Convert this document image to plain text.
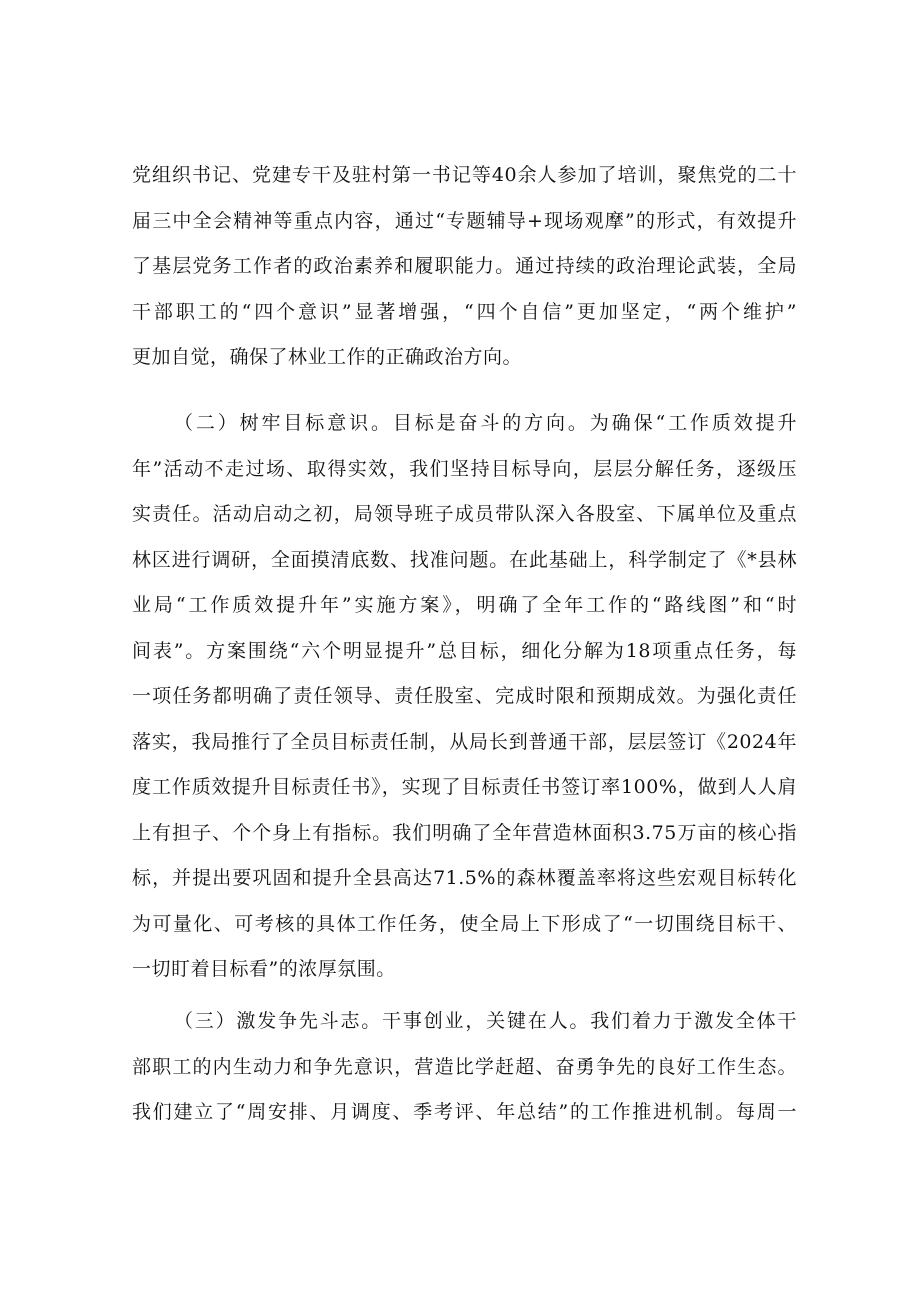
党组织书记、党建专干及驻村第一书记等40余人参加了培训，聚焦党的二十
届三中全会精神等重点内容，通过“专题辅导+现场观摩”的形式，有效提升
了基层党务工作者的政治素养和履职能力。通过持续的政治理论武装，全局
干部职工的“四个意识”显著增强，“四个自信”更加坚定，“两个维护”
更加自觉，确保了林业工作的正确政治方向。
（二）树牢目标意识。目标是奋斗的方向。为确保“工作质效提升
年”活动不走过场、取得实效，我们坚持目标导向，层层分解任务，逐级压
实责任。活动启动之初，局领导班子成员带队深入各股室、下属单位及重点
林区进行调研，全面摸清底数、找准问题。在此基础上，科学制定了《*县林
业局“工作质效提升年”实施方案》，明确了全年工作的“路线图”和“时
间表”。方案围绕“六个明显提升”总目标，细化分解为18项重点任务，每
一项任务都明确了责任领导、责任股室、完成时限和预期成效。为强化责任
落实，我局推行了全员目标责任制，从局长到普通干部，层层签订《2024年
度工作质效提升目标责任书》，实现了目标责任书签订率100%，做到人人肩
上有担子、个个身上有指标。我们明确了全年营造林面积3.75万亩的核心指
标，并提出要巩固和提升全县高达71.5%的森林覆盖率将这些宏观目标转化
为可量化、可考核的具体工作任务，使全局上下形成了“一切围绕目标干、
一切盯着目标看”的浓厚氛围。
（三）激发争先斗志。干事创业，关键在人。我们着力于激发全体干
部职工的内生动力和争先意识，营造比学赶超、奋勇争先的良好工作生态。
我们建立了“周安排、月调度、季考评、年总结”的工作推进机制。每周一
